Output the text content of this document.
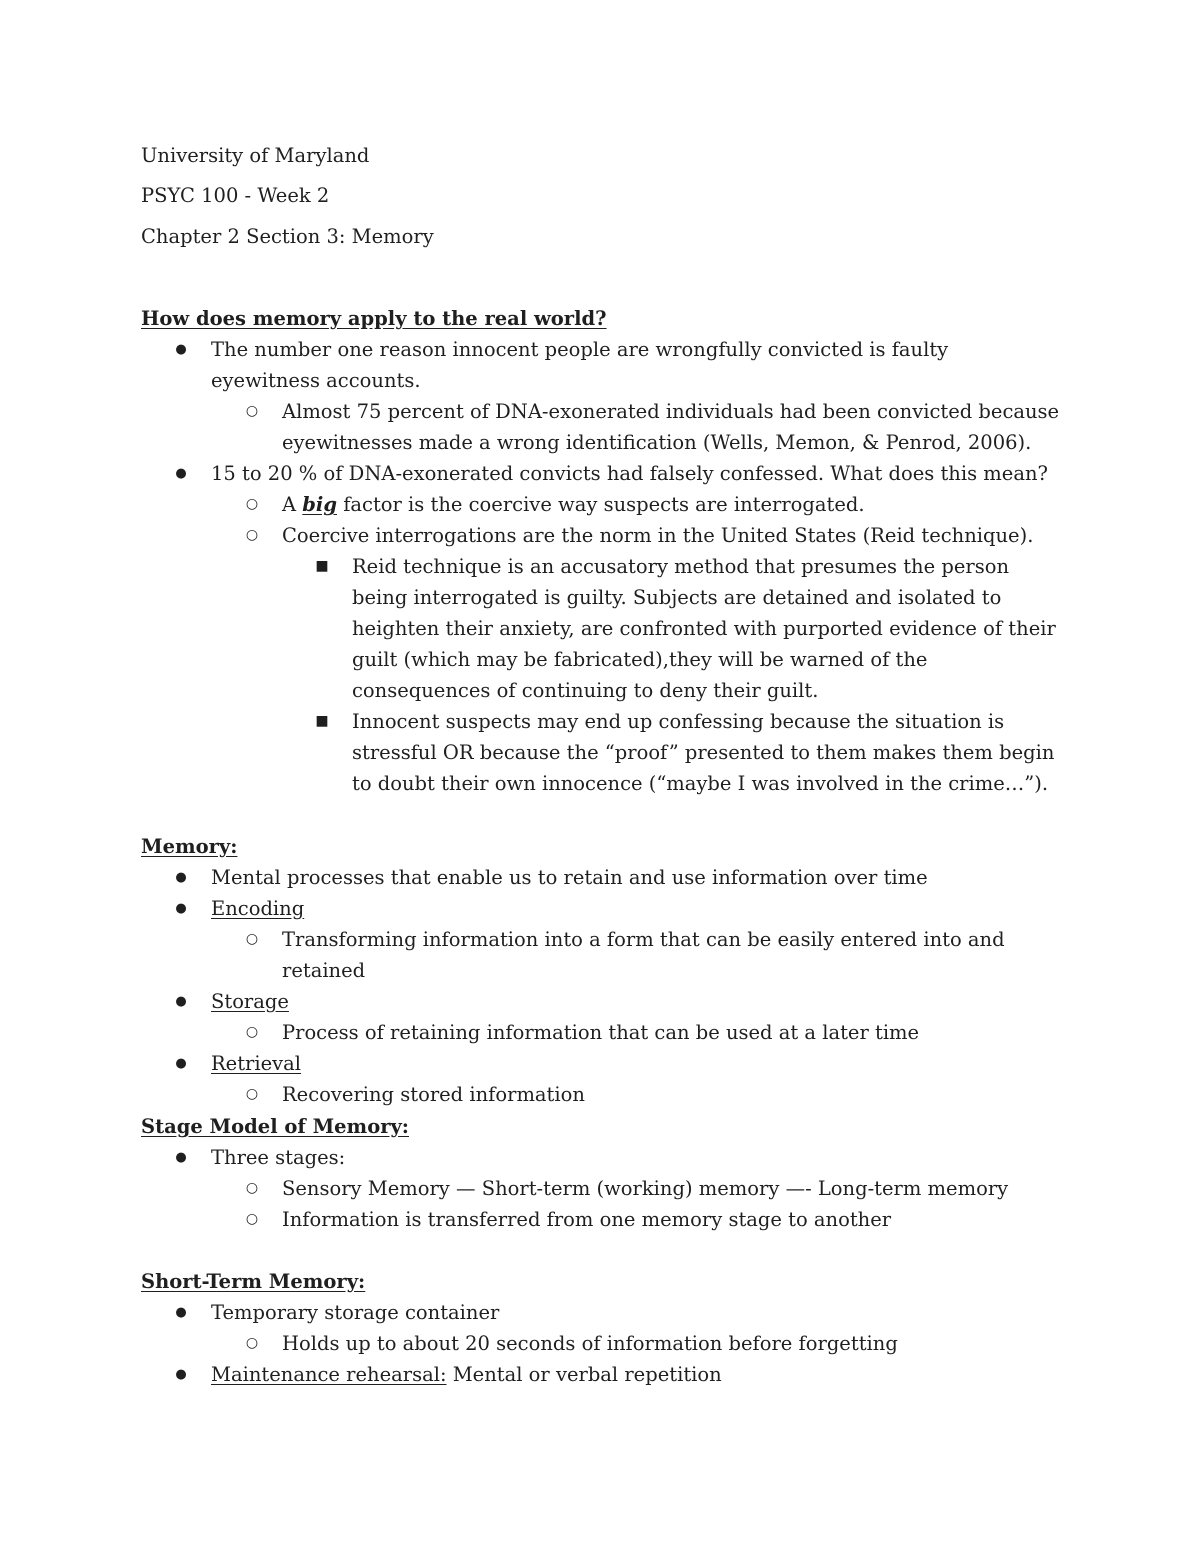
University of Maryland
PSYC 100 - Week 2
Chapter 2 Section 3: Memory
How does memory apply to the real world?
● The number one reason innocent people are wrongfully convicted is faulty eyewitness accounts.
○ Almost 75 percent of DNA-exonerated individuals had been convicted because eyewitnesses made a wrong identification (Wells, Memon, & Penrod, 2006).
● 15 to 20 % of DNA-exonerated convicts had falsely confessed. What does this mean?
○ A big factor is the coercive way suspects are interrogated.
○ Coercive interrogations are the norm in the United States (Reid technique).
■ Reid technique is an accusatory method that presumes the person being interrogated is guilty. Subjects are detained and isolated to heighten their anxiety, are confronted with purported evidence of their guilt (which may be fabricated),they will be warned of the consequences of continuing to deny their guilt.
■ Innocent suspects may end up confessing because the situation is stressful OR because the “proof” presented to them makes them begin to doubt their own innocence (“maybe I was involved in the crime…”).
Memory:
● Mental processes that enable us to retain and use information over time
● Encoding
○ Transforming information into a form that can be easily entered into and retained
● Storage
○ Process of retaining information that can be used at a later time
● Retrieval
○ Recovering stored information
Stage Model of Memory:
● Three stages:
○ Sensory Memory — Short-term (working) memory —- Long-term memory
○ Information is transferred from one memory stage to another
Short-Term Memory:
● Temporary storage container
○ Holds up to about 20 seconds of information before forgetting
● Maintenance rehearsal: Mental or verbal repetition
